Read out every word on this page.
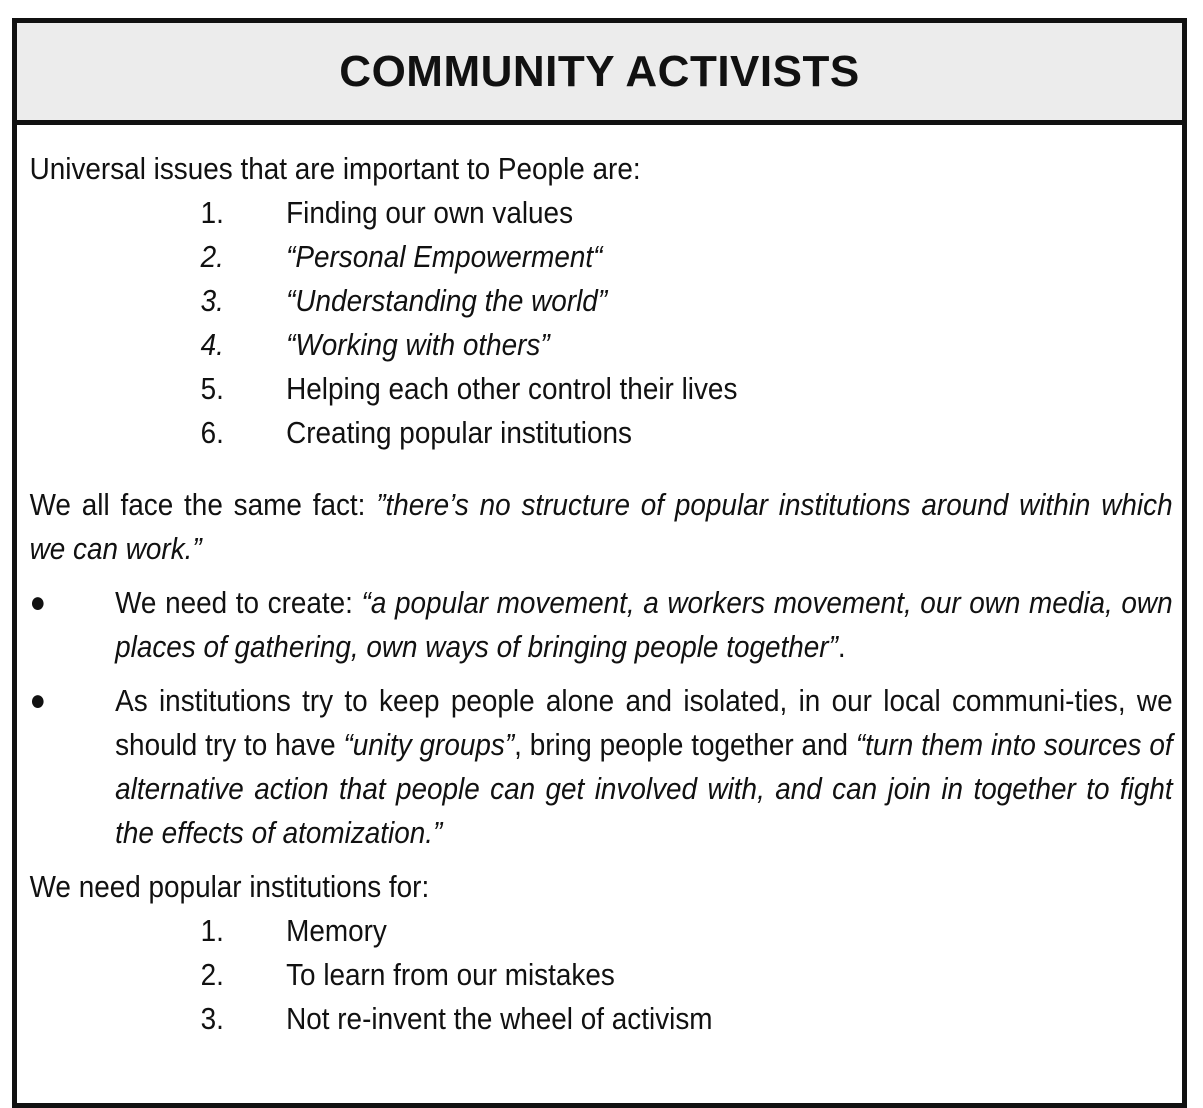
COMMUNITY ACTIVISTS

Universal issues that are important to People are:

1. Finding our own values
2. “Personal Empowerment“
3. “Understanding the world”
4. “Working with others”
5. Helping each other control their lives
6. Creating popular institutions

We all face the same fact: ”there’s no structure of popular institutions around within which we can work.”

● We need to create: “a popular movement, a workers movement, our own media, own places of gathering, own ways of bringing people together”.
● As institutions try to keep people alone and isolated, in our local communi-ties, we should try to have “unity groups”, bring people together and “turn them into sources of alternative action that people can get involved with, and can join in together to fight the effects of atomization.”

We need popular institutions for:

1. Memory
2. To learn from our mistakes
3. Not re-invent the wheel of activism
